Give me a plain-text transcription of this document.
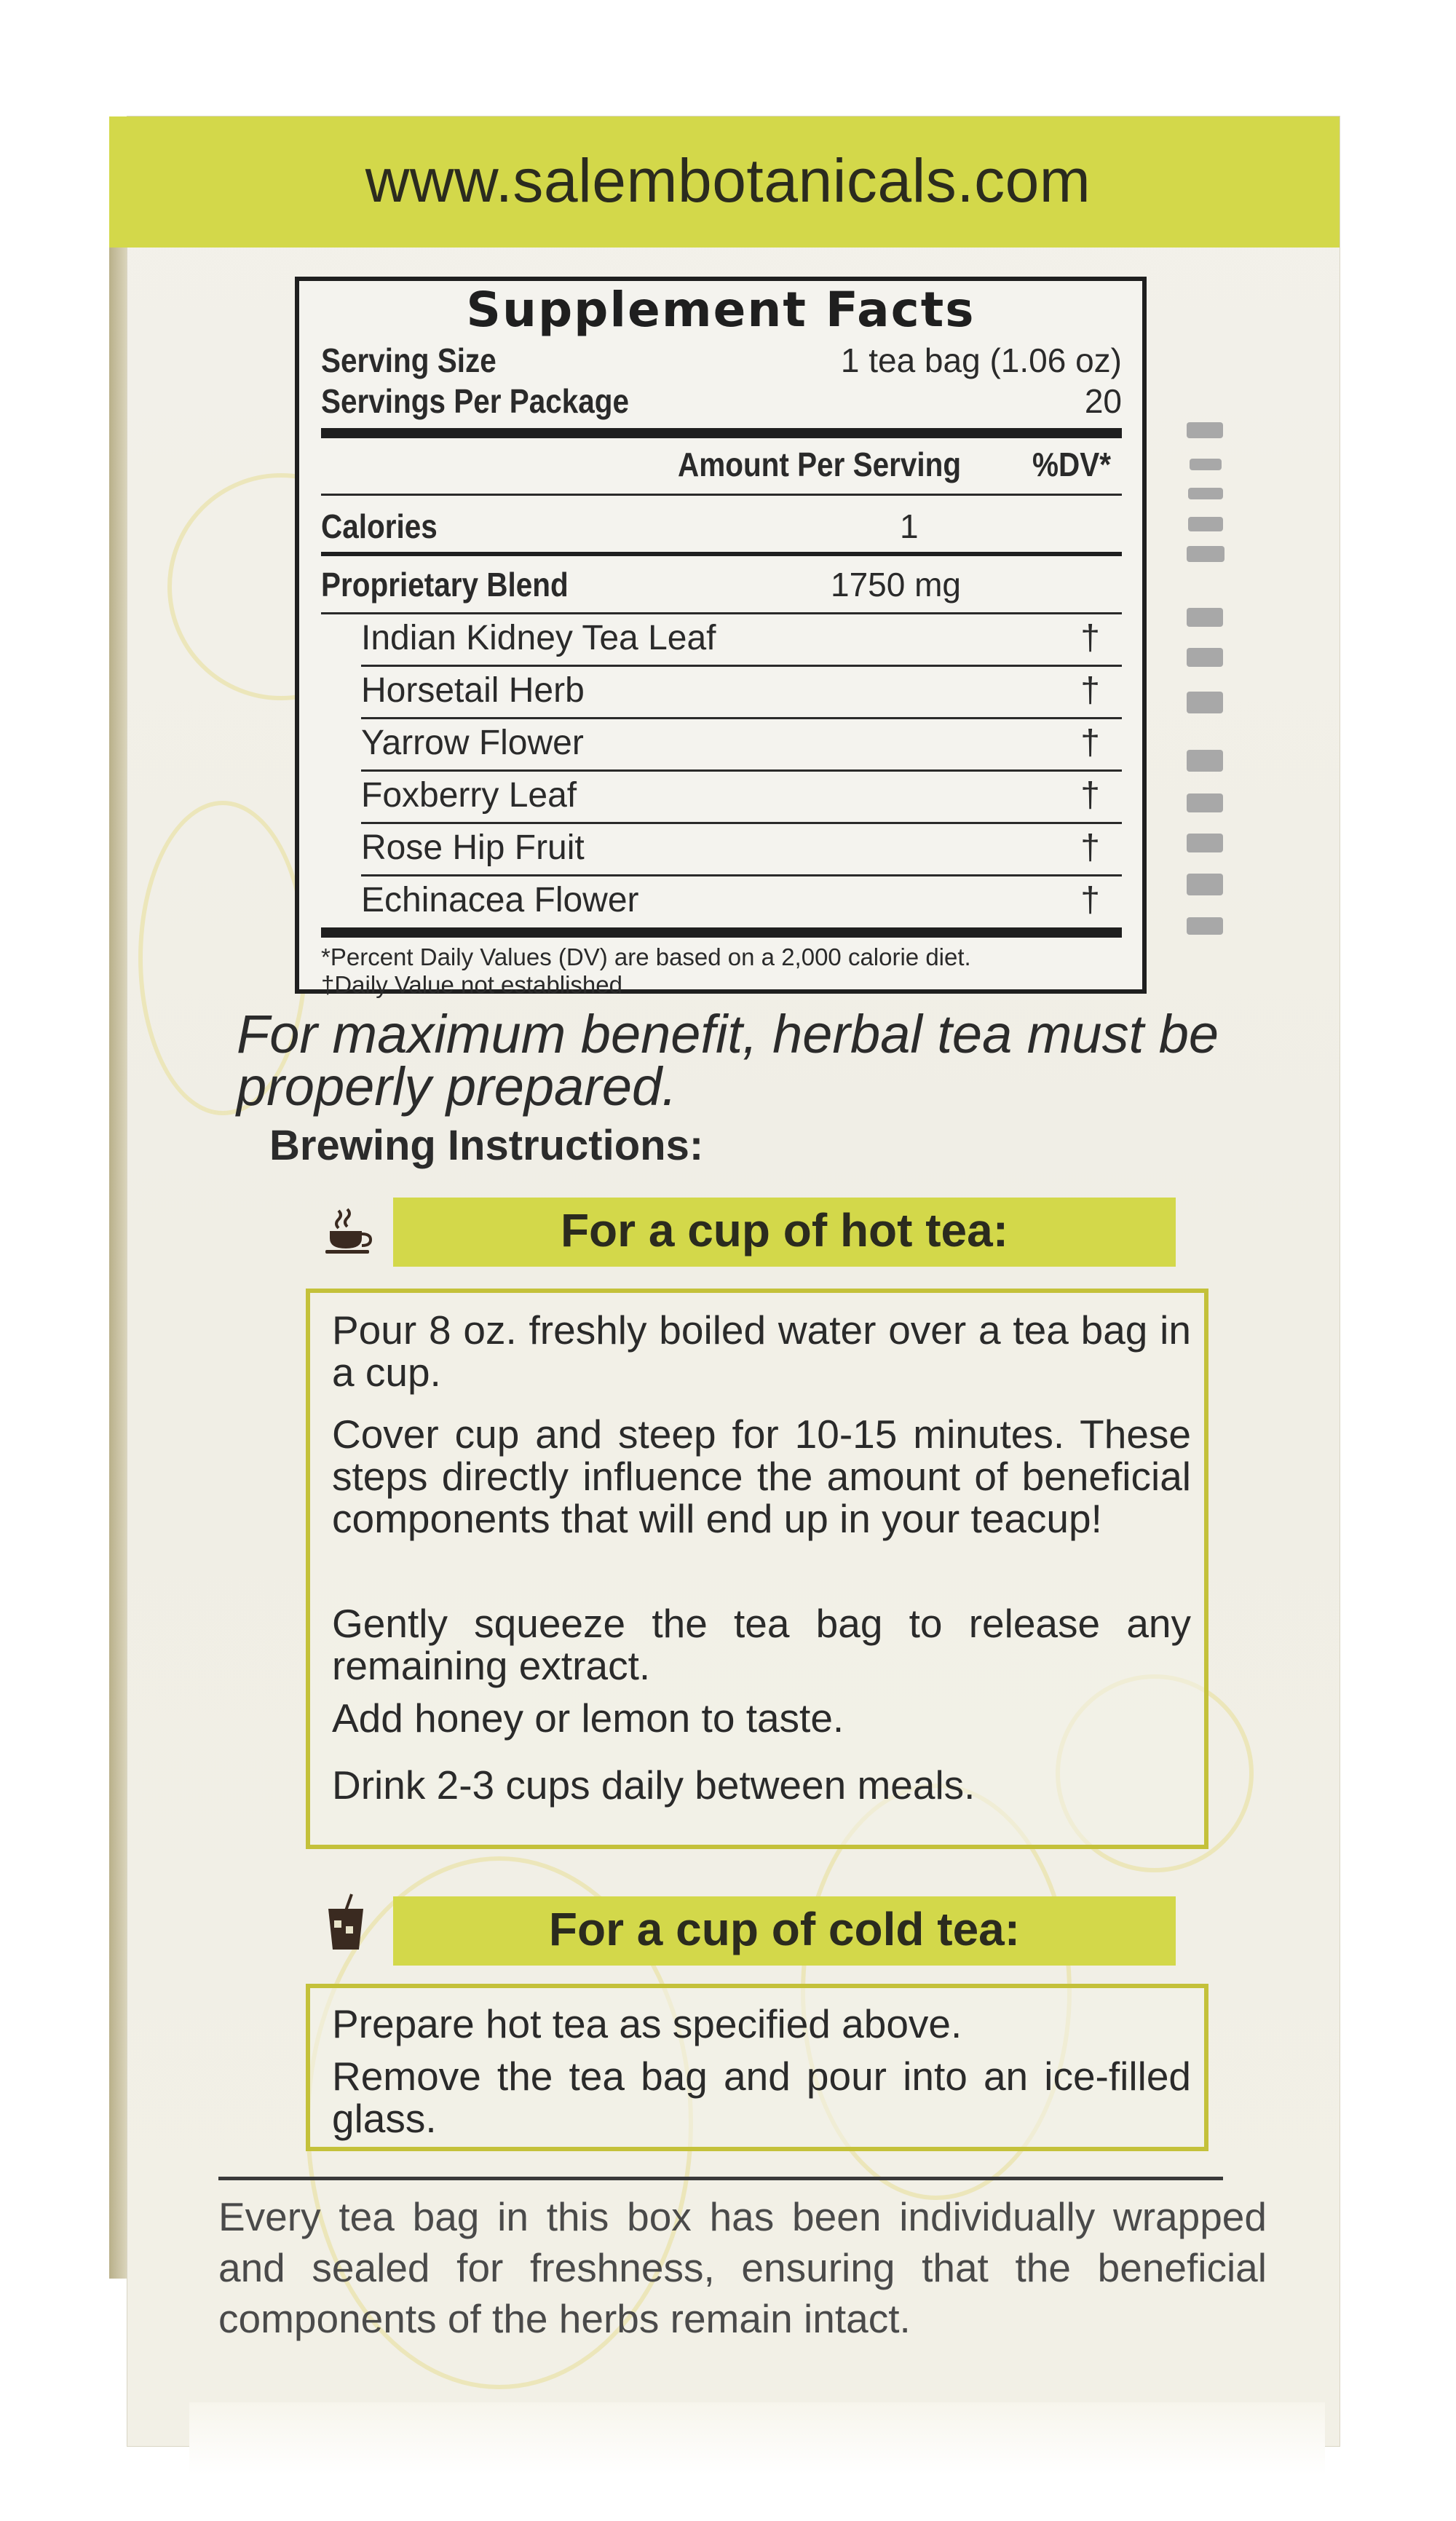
www.salembotanicals.com
Supplement Facts
Serving Size	1 tea bag (1.06 oz)
Servings Per Package	20
Amount Per Serving %DV*
Calories	1
Proprietary Blend	1750 mg
Indian Kidney Tea Leaf	†
Horsetail Herb	†
Yarrow Flower	†
Foxberry Leaf	†
Rose Hip Fruit	†
Echinacea Flower	†
*Percent Daily Values (DV) are based on a 2,000 calorie diet.
†Daily Value not established
For maximum benefit, herbal tea must be
properly prepared.
Brewing Instructions:
For a cup of hot tea:
Pour 8 oz. freshly boiled water over a tea bag in a cup.
Cover cup and steep for 10-15 minutes. These steps directly influence the amount of beneficial components that will end up in your teacup!
Gently squeeze the tea bag to release any remaining extract.
Add honey or lemon to taste.
Drink 2-3 cups daily between meals.
For a cup of cold tea:
Prepare hot tea as specified above.
Remove the tea bag and pour into an ice-filled glass.
Every tea bag in this box has been individually wrapped and sealed for freshness, ensuring that the beneficial components of the herbs remain intact.
